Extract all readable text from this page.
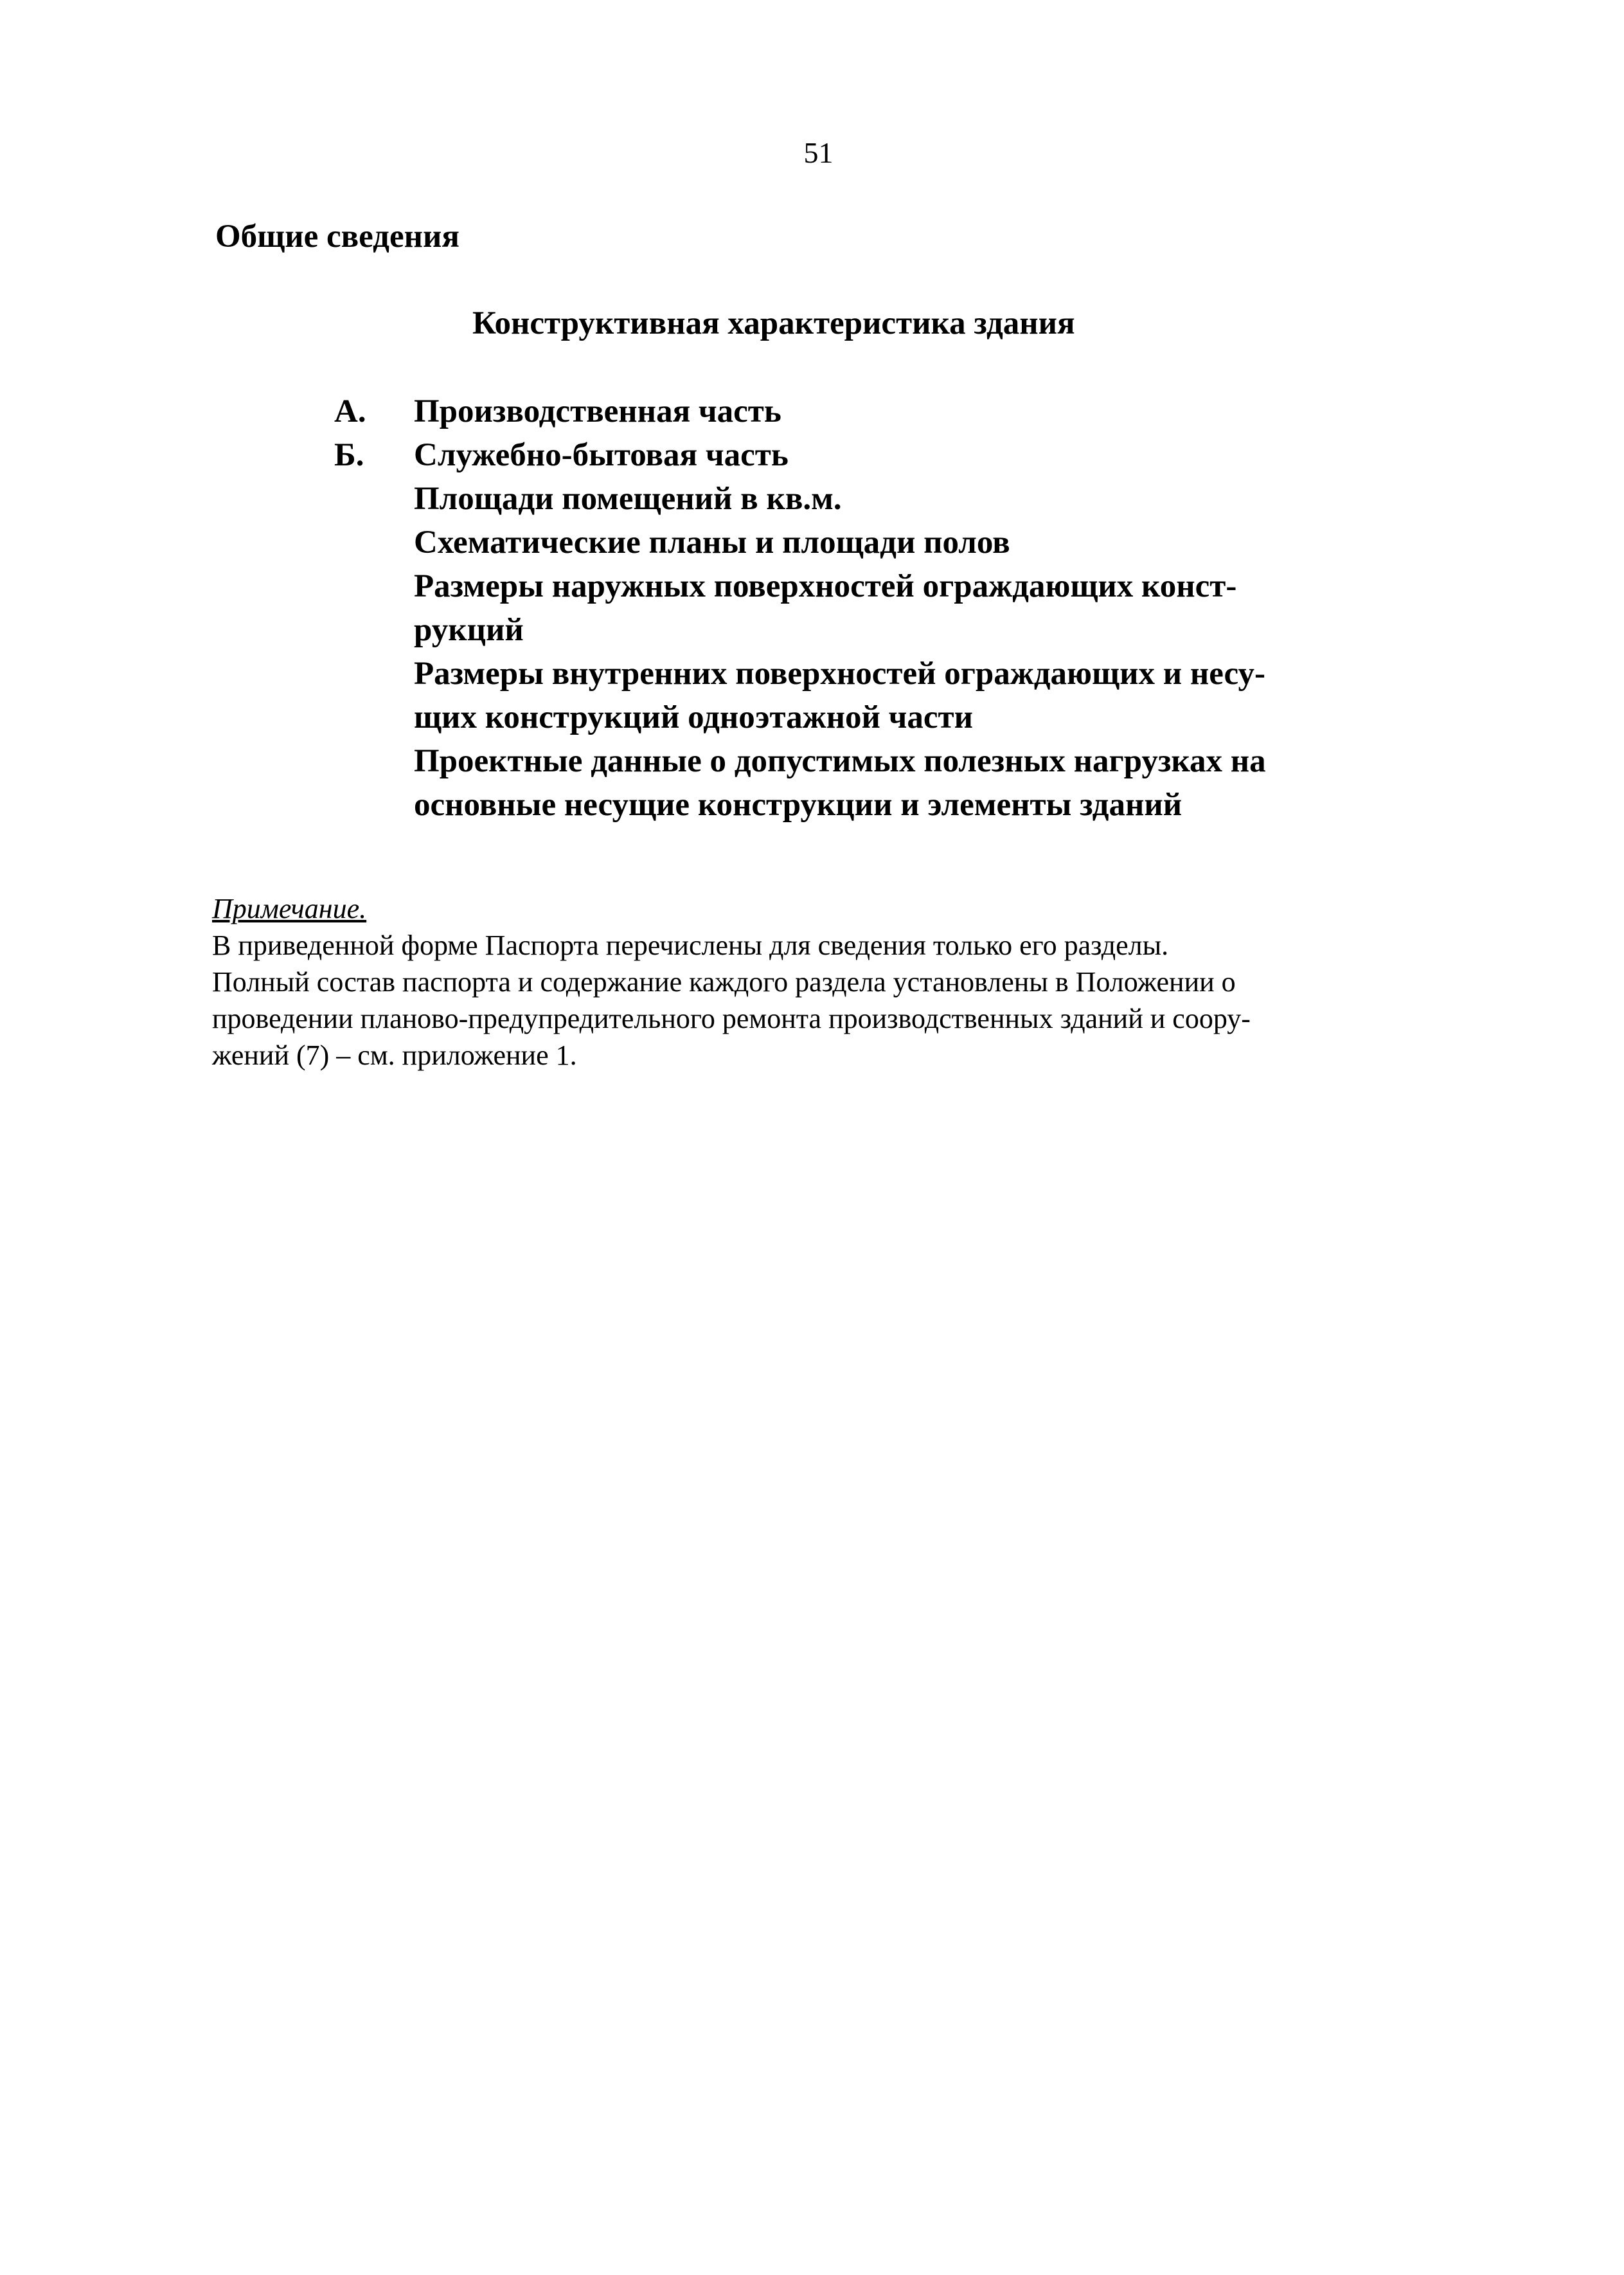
51
Общие сведения
Конструктивная характеристика здания
А. Производственная часть
Б. Служебно-бытовая часть
Площади помещений в кв.м.
Схематические планы и площади полов
Размеры наружных поверхностей ограждающих конст-
рукций
Размеры внутренних поверхностей ограждающих и несу-
щих конструкций одноэтажной части
Проектные данные о допустимых полезных нагрузках на
основные несущие конструкции и элементы зданий
Примечание.
В приведенной форме Паспорта перечислены для сведения только его разделы.
Полный состав паспорта и содержание каждого раздела установлены в Положении о
проведении планово-предупредительного ремонта производственных зданий и соору-
жений (7) – см. приложение 1.
